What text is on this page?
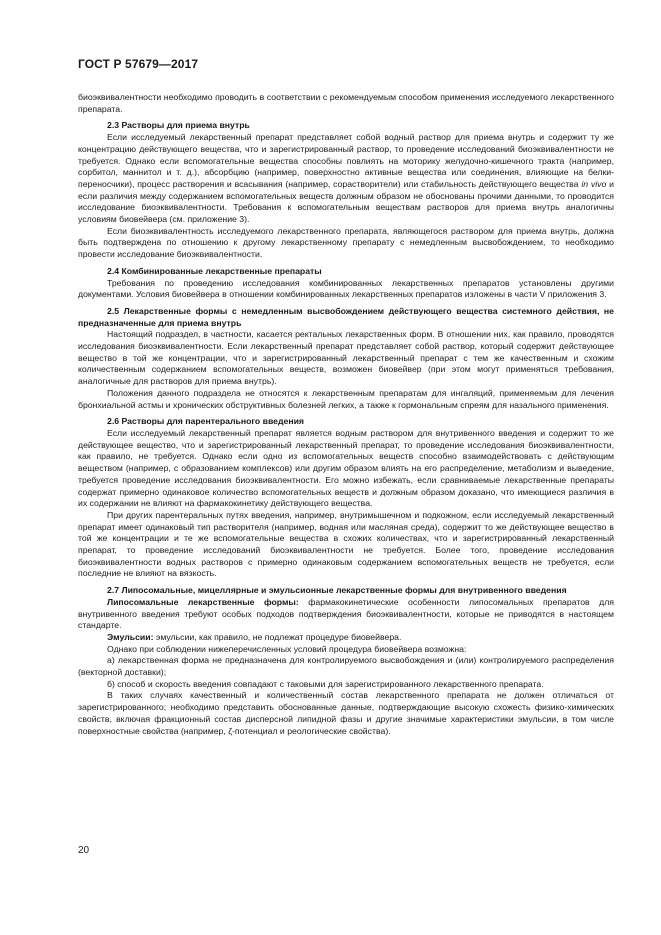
ГОСТ Р 57679—2017

биоэквивалентности необходимо проводить в соответствии с рекомендуемым способом применения исследуемого лекарственного препарата.

2.3 Растворы для приема внутрь

Если исследуемый лекарственный препарат представляет собой водный раствор для приема внутрь и содержит ту же концентрацию действующего вещества, что и зарегистрированный раствор, то проведение исследований биоэквивалентности не требуется. Однако если вспомогательные вещества способны повлиять на моторику желудочно-кишечного тракта (например, сорбитол, маннитол и т. д.), абсорбцию (например, поверхностно активные вещества или соединения, влияющие на белки-переносчики), процесс растворения и всасывания (например, сорастворители) или стабильность действующего вещества in vivo и если различия между содержанием вспомогательных веществ должным образом не обоснованы прочими данными, то проводится исследование биоэквивалентности. Требования к вспомогательным веществам растворов для приема внутрь аналогичны условиям биовейвера (см. приложение 3).

Если биоэквивалентность исследуемого лекарственного препарата, являющегося раствором для приема внутрь, должна быть подтверждена по отношению к другому лекарственному препарату с немедленным высвобождением, то необходимо провести исследование биоэквивалентности.

2.4 Комбинированные лекарственные препараты

Требования по проведению исследования комбинированных лекарственных препаратов установлены другими документами. Условия биовейвера в отношении комбинированных лекарственных препаратов изложены в части V приложения 3.

2.5 Лекарственные формы с немедленным высвобождением действующего вещества системного действия, не предназначенные для приема внутрь

Настоящий подраздел, в частности, касается ректальных лекарственных форм. В отношении них, как правило, проводятся исследования биоэквивалентности. Если лекарственный препарат представляет собой раствор, который содержит действующее вещество в той же концентрации, что и зарегистрированный лекарственный препарат с тем же качественным и схожим количественным содержанием вспомогательных веществ, возможен биовейвер (при этом могут применяться требования, аналогичные для растворов для приема внутрь).

Положения данного подраздела не относятся к лекарственным препаратам для ингаляций, применяемым для лечения бронхиальной астмы и хронических обструктивных болезней легких, а также к гормональным спреям для назального применения.

2.6 Растворы для парентерального введения

Если исследуемый лекарственный препарат является водным раствором для внутривенного введения и содержит то же действующее вещество, что и зарегистрированный лекарственный препарат, то проведение исследования биоэквивалентности, как правило, не требуется. Однако если одно из вспомогательных веществ способно взаимодействовать с действующим веществом (например, с образованием комплексов) или другим образом влиять на его распределение, метаболизм и выведение, требуется проведение исследования биоэквивалентности. Его можно избежать, если сравниваемые лекарственные препараты содержат примерно одинаковое количество вспомогательных веществ и должным образом доказано, что имеющиеся различия в их содержании не влияют на фармакокинетику действующего вещества.

При других парентеральных путях введения, например, внутримышечном и подкожном, если исследуемый лекарственный препарат имеет одинаковый тип растворителя (например, водная или масляная среда), содержит то же действующее вещество в той же концентрации и те же вспомогательные вещества в схожих количествах, что и зарегистрированный лекарственный препарат, то проведение исследований биоэквивалентности не требуется. Более того, проведение исследования биоэквивалентности водных растворов с примерно одинаковым содержанием вспомогательных веществ не требуется, если последние не влияют на вязкость.

2.7 Липосомальные, мицеллярные и эмульсионные лекарственные формы для внутривенного введения

Липосомальные лекарственные формы: фармакокинетические особенности липосомальных препаратов для внутривенного введения требуют особых подходов подтверждения биоэквивалентности, которые не приводятся в настоящем стандарте.

Эмульсии: эмульсии, как правило, не подлежат процедуре биовейвера.

Однако при соблюдении нижеперечисленных условий процедура биовейвера возможна:

а) лекарственная форма не предназначена для контролируемого высвобождения и (или) контролируемого распределения (векторной доставки);

б) способ и скорость введения совпадают с таковыми для зарегистрированного лекарственного препарата.

В таких случаях качественный и количественный состав лекарственного препарата не должен отличаться от зарегистрированного; необходимо представить обоснованные данные, подтверждающие высокую схожесть физико-химических свойств, включая фракционный состав дисперсной липидной фазы и другие значимые характеристики эмульсии, в том числе поверхностные свойства (например, ζ-потенциал и реологические свойства).

20
